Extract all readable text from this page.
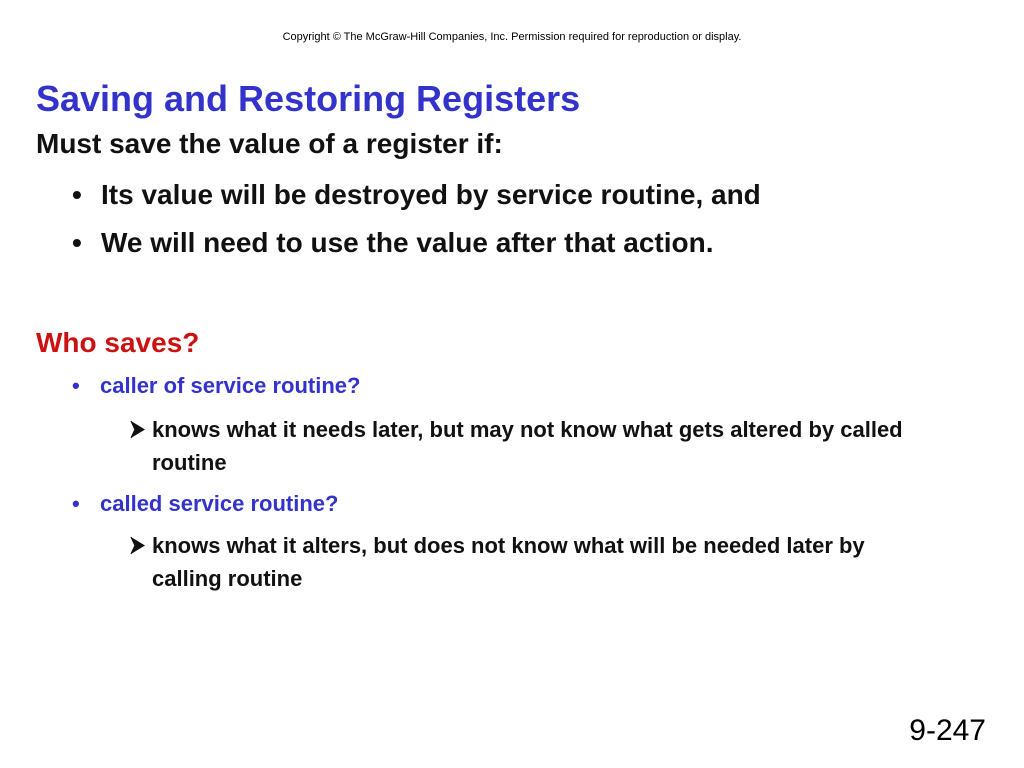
Copyright © The McGraw-Hill Companies, Inc. Permission required for reproduction or display.
Saving and Restoring Registers
Must save the value of a register if:
• Its value will be destroyed by service routine, and
• We will need to use the value after that action.
Who saves?
• caller of service routine?
knows what it needs later, but may not know what gets altered by called routine
• called service routine?
knows what it alters, but does not know what will be needed later by calling routine
9-247
